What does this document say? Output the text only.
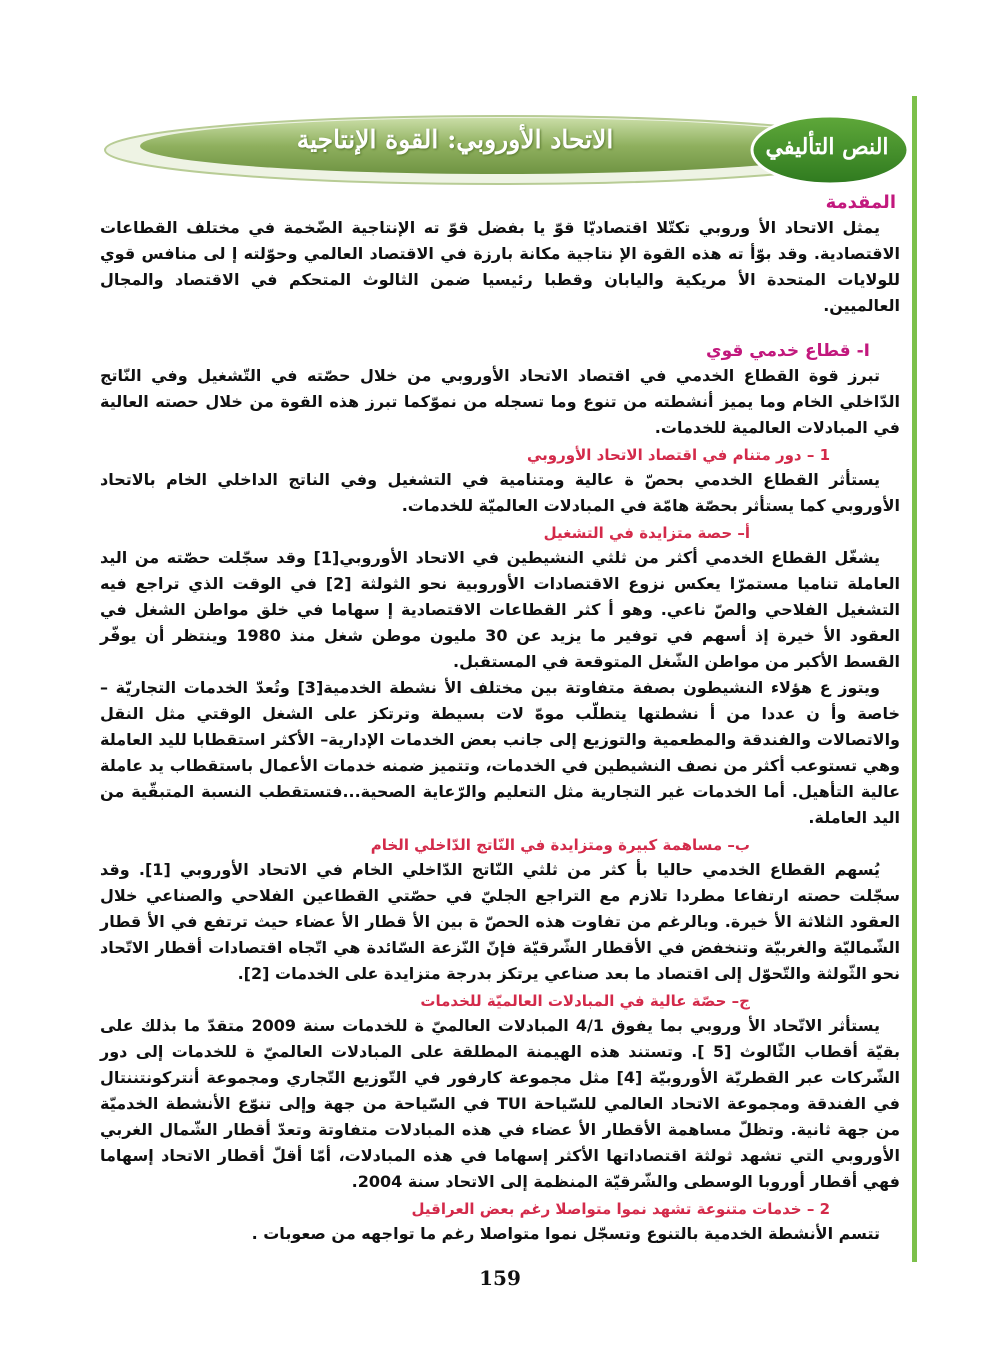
الاتحاد الأوروبي: القوة الإنتاجية	النص التأليفي
المقدمة

يمثل الاتحاد الأ وروبي تكتّلا اقتصاديّا قوّ يا بفضل قوّ ته الإنتاجية الضّخمة في مختلف القطاعات الاقتصادية. وقد بوّأ ته هذه القوة الإ نتاجية مكانة بارزة في الاقتصاد العالمي وحوّلته إ لى منافس قوي للولايات المتحدة الأ مريكية واليابان وقطبا رئيسيا ضمن الثالوث المتحكم في الاقتصاد والمجال العالميين.

I- قطاع خدمي قوي

تبرز قوة القطاع الخدمي في اقتصاد الاتحاد الأوروبي من خلال حصّته في التّشغيل وفي النّاتج الدّاخلي الخام وما يميز أنشطته من تنوع وما تسجله من نموّكما تبرز هذه القوة من خلال حصته العالية في المبادلات العالمية للخدمات.

1 – دور متنام في اقتصاد الاتحاد الأوروبي

يستأثر القطاع الخدمي بحصّ ة عالية ومتنامية في التشغيل وفي الناتج الداخلي الخام بالاتحاد الأوروبي كما يستأثر بحصّة هامّة في المبادلات العالميّة للخدمات.

أ– حصة متزايدة في التشغيل

يشغّل القطاع الخدمي أكثر من ثلثي النشيطين في الاتحاد الأوروبي[1] وقد سجّلت حصّته من اليد العاملة تناميا مستمرّا يعكس نزوع الاقتصادات الأوروبية نحو الثولثة [2] في الوقت الذي تراجع فيه التشغيل الفلاحي والصّ ناعي. وهو أ كثر القطاعات الاقتصادية إ سهاما في خلق مواطن الشغل في العقود الأ خيرة إذ أسهم في توفير ما يزيد عن 30 مليون موطن شغل منذ 1980 وينتظر أن يوفّر القسط الأكبر من مواطن الشّغل المتوقعة في المستقبل.

ويتوز ع هؤلاء النشيطون بصفة متفاوتة بين مختلف الأ نشطة الخدمية[3] وتُعدّ الخدمات التجاريّة – خاصة وأ ن عددا من أ نشطتها يتطلّب موهّ لات بسيطة وترتكز على الشغل الوقتي مثل النقل والاتصالات والفندقة والمطعمية والتوزيع إلى جانب بعض الخدمات الإدارية– الأكثر استقطابا لليد العاملة وهي تستوعب أكثر من نصف النشيطين في الخدمات، وتتميز ضمنه خدمات الأعمال باستقطاب يد عاملة عالية التأهيل. أما الخدمات غير التجارية مثل التعليم والرّعاية الصحية...فتستقطب النسبة المتبقّية من اليد العاملة.

ب– مساهمة كبيرة ومتزايدة في النّاتج الدّاخلي الخام

يُسهم القطاع الخدمي حاليا بأ كثر من ثلثي النّاتج الدّاخلي الخام في الاتحاد الأوروبي [1]. وقد سجّلت حصته ارتفاعا مطردا تلازم مع التراجع الجليّ في حصّتي القطاعين الفلاحي والصناعي خلال العقود الثلاثة الأ خيرة. وبالرغم من تفاوت هذه الحصّ ة بين الأ قطار الأ عضاء حيث ترتفع في الأ قطار الشّماليّة والغربيّة وتنخفض في الأقطار الشّرقيّة فإنّ النّزعة السّائدة هي اتّجاه اقتصادات أقطار الاتّحاد نحو الثّولثة والتّحوّل إلى اقتصاد ما بعد صناعي يرتكز بدرجة متزايدة على الخدمات [2].

ج– حصّة عالية في المبادلات العالميّة للخدمات

يستأثر الاتّحاد الأ وروبي بما يفوق 4/1 المبادلات العالميّ ة للخدمات سنة 2009 متقدّ ما بذلك على بقيّة أقطاب الثّالوث [5 ]. وتستند هذه الهيمنة المطلقة على المبادلات العالميّ ة للخدمات إلى دور الشّركات عبر القطريّة الأوروبيّة [4] مثل مجموعة كارفور في التّوزيع التّجاري ومجموعة أنتركونتننتال في الفندقة ومجموعة الاتحاد العالمي للسّياحة TUI في السّياحة من جهة وإلى تنوّع الأنشطة الخدميّة من جهة ثانية. وتظلّ مساهمة الأقطار الأ عضاء في هذه المبادلات متفاوتة وتعدّ أقطار الشّمال الغربي الأوروبي التي تشهد ثولثة اقتصاداتها الأكثر إسهاما في هذه المبادلات، أمّا أقلّ أقطار الاتحاد إسهاما فهي أقطار أوروبا الوسطى والشّرقيّة المنظمة إلى الاتحاد سنة 2004.

2 – خدمات متنوعة تشهد نموا متواصلا رغم بعض العراقيل

تتسم الأنشطة الخدمية بالتنوع وتسجّل نموا متواصلا رغم ما تواجهه من صعوبات .

159
